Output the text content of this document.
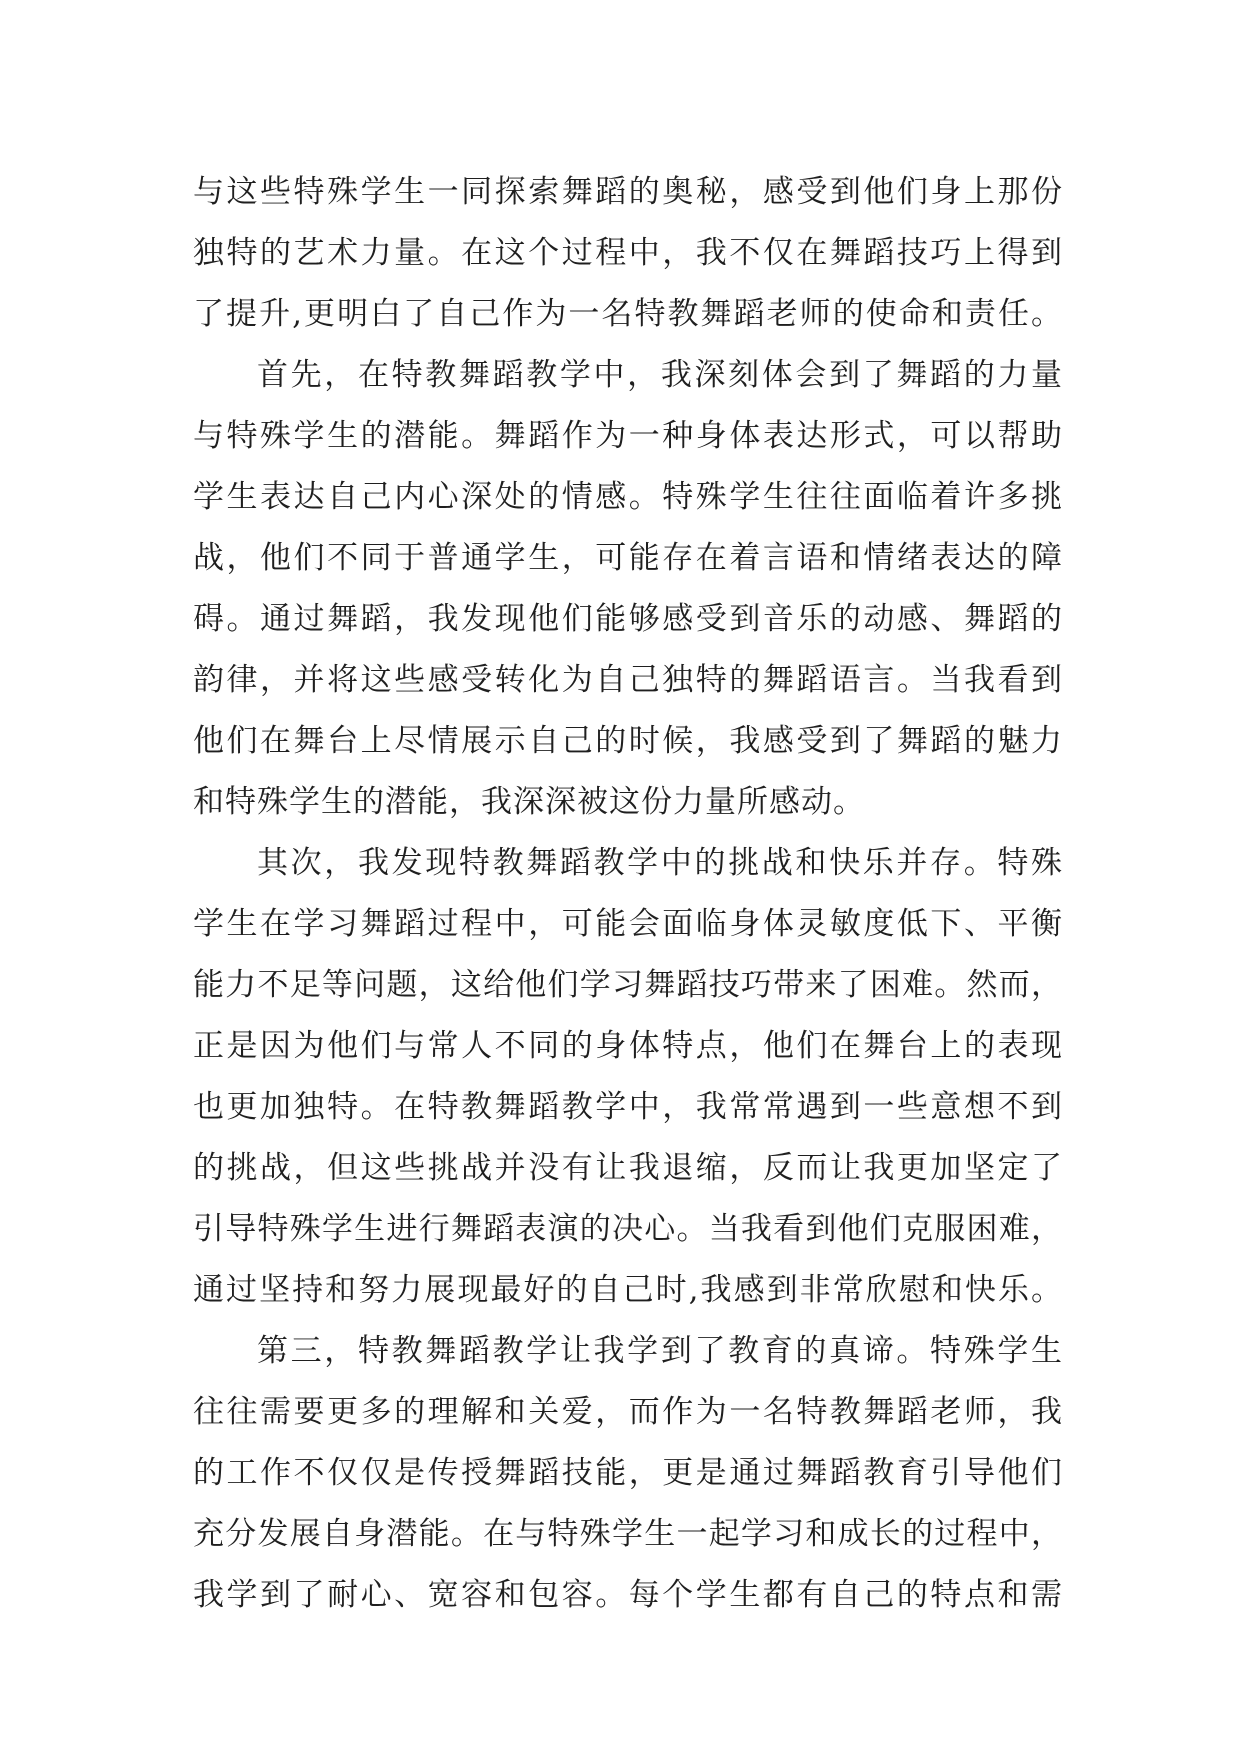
与这些特殊学生一同探索舞蹈的奥秘，感受到他们身上那份
独特的艺术力量。在这个过程中，我不仅在舞蹈技巧上得到
了提升,更明白了自己作为一名特教舞蹈老师的使命和责任。
首先，在特教舞蹈教学中，我深刻体会到了舞蹈的力量
与特殊学生的潜能。舞蹈作为一种身体表达形式，可以帮助
学生表达自己内心深处的情感。特殊学生往往面临着许多挑
战，他们不同于普通学生，可能存在着言语和情绪表达的障
碍。通过舞蹈，我发现他们能够感受到音乐的动感、舞蹈的
韵律，并将这些感受转化为自己独特的舞蹈语言。当我看到
他们在舞台上尽情展示自己的时候，我感受到了舞蹈的魅力
和特殊学生的潜能，我深深被这份力量所感动。
其次，我发现特教舞蹈教学中的挑战和快乐并存。特殊
学生在学习舞蹈过程中，可能会面临身体灵敏度低下、平衡
能力不足等问题，这给他们学习舞蹈技巧带来了困难。然而，
正是因为他们与常人不同的身体特点，他们在舞台上的表现
也更加独特。在特教舞蹈教学中，我常常遇到一些意想不到
的挑战，但这些挑战并没有让我退缩，反而让我更加坚定了
引导特殊学生进行舞蹈表演的决心。当我看到他们克服困难，
通过坚持和努力展现最好的自己时,我感到非常欣慰和快乐。
第三，特教舞蹈教学让我学到了教育的真谛。特殊学生
往往需要更多的理解和关爱，而作为一名特教舞蹈老师，我
的工作不仅仅是传授舞蹈技能，更是通过舞蹈教育引导他们
充分发展自身潜能。在与特殊学生一起学习和成长的过程中，
我学到了耐心、宽容和包容。每个学生都有自己的特点和需
